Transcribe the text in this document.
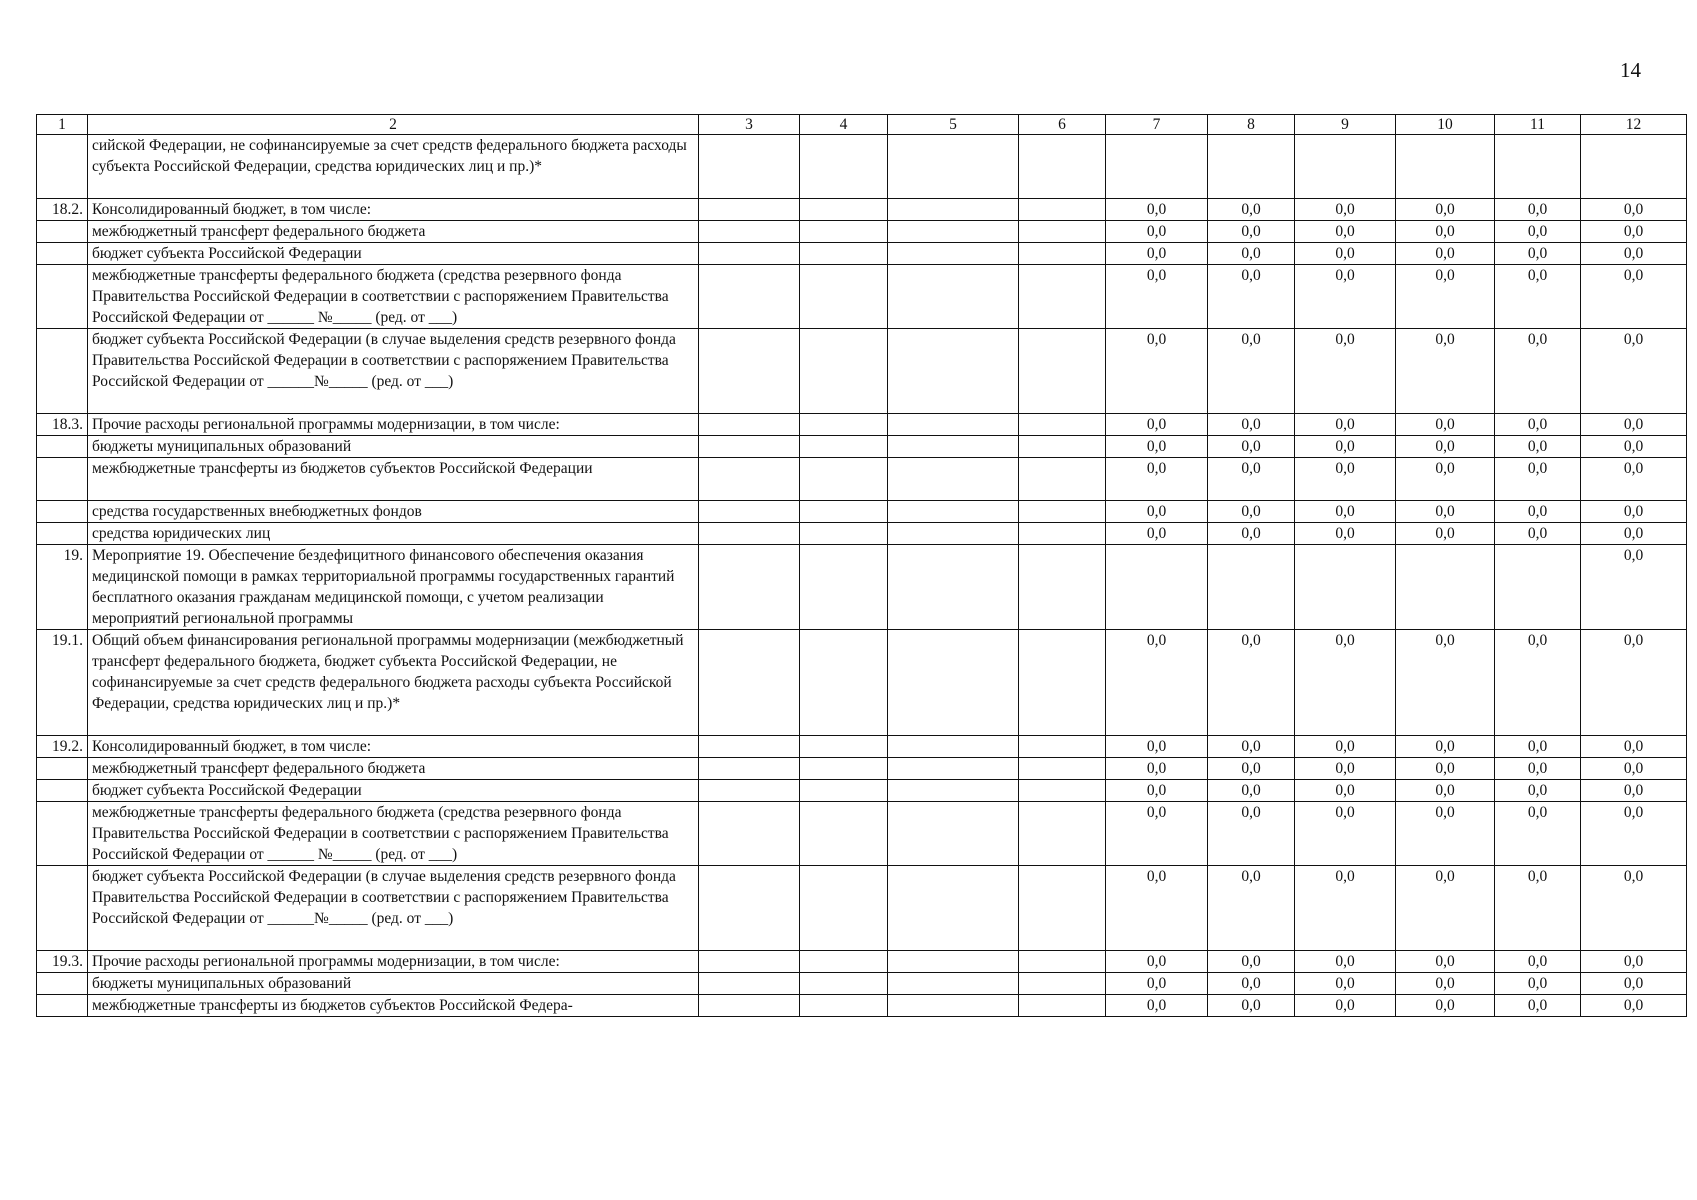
14
1	2	3	4	5	6	7	8	9	10	11	12
	сийской Федерации, не софинансируемые за счет средств федерального бюджета расходы субъекта Российской Федерации, средства юридических лиц и пр.)*										
18.2.	Консолидированный бюджет, в том числе:					0,0	0,0	0,0	0,0	0,0	0,0
	межбюджетный трансферт федерального бюджета					0,0	0,0	0,0	0,0	0,0	0,0
	бюджет субъекта Российской Федерации					0,0	0,0	0,0	0,0	0,0	0,0
	межбюджетные трансферты федерального бюджета (средства резервного фонда Правительства Российской Федерации в соответствии с распоряжением Правительства Российской Федерации от ______ №_____ (ред. от ___)					0,0	0,0	0,0	0,0	0,0	0,0
	бюджет субъекта Российской Федерации (в случае выделения средств резервного фонда Правительства Российской Федерации в соответствии с распоряжением Правительства Российской Федерации от ______№_____ (ред. от ___)					0,0	0,0	0,0	0,0	0,0	0,0
18.3.	Прочие расходы региональной программы модернизации, в том числе:					0,0	0,0	0,0	0,0	0,0	0,0
	бюджеты муниципальных образований					0,0	0,0	0,0	0,0	0,0	0,0
	межбюджетные трансферты из бюджетов субъектов Российской Федерации					0,0	0,0	0,0	0,0	0,0	0,0
	средства государственных внебюджетных фондов					0,0	0,0	0,0	0,0	0,0	0,0
	средства юридических лиц					0,0	0,0	0,0	0,0	0,0	0,0
19.	Мероприятие 19. Обеспечение бездефицитного финансового обеспечения оказания медицинской помощи в рамках территориальной программы государственных гарантий бесплатного оказания гражданам медицинской помощи, с учетом реализации мероприятий региональной программы										0,0
19.1.	Общий объем финансирования региональной программы модернизации (межбюджетный трансферт федерального бюджета, бюджет субъекта Российской Федерации, не софинансируемые за счет средств федерального бюджета расходы субъекта Российской Федерации, средства юридических лиц и пр.)*					0,0	0,0	0,0	0,0	0,0	0,0
19.2.	Консолидированный бюджет, в том числе:					0,0	0,0	0,0	0,0	0,0	0,0
	межбюджетный трансферт федерального бюджета					0,0	0,0	0,0	0,0	0,0	0,0
	бюджет субъекта Российской Федерации					0,0	0,0	0,0	0,0	0,0	0,0
	межбюджетные трансферты федерального бюджета (средства резервного фонда Правительства Российской Федерации в соответствии с распоряжением Правительства Российской Федерации от ______ №_____ (ред. от ___)					0,0	0,0	0,0	0,0	0,0	0,0
	бюджет субъекта Российской Федерации (в случае выделения средств резервного фонда Правительства Российской Федерации в соответствии с распоряжением Правительства Российской Федерации от ______№_____ (ред. от ___)					0,0	0,0	0,0	0,0	0,0	0,0
19.3.	Прочие расходы региональной программы модернизации, в том числе:					0,0	0,0	0,0	0,0	0,0	0,0
	бюджеты муниципальных образований					0,0	0,0	0,0	0,0	0,0	0,0
	межбюджетные трансферты из бюджетов субъектов Российской Федера-					0,0	0,0	0,0	0,0	0,0	0,0
